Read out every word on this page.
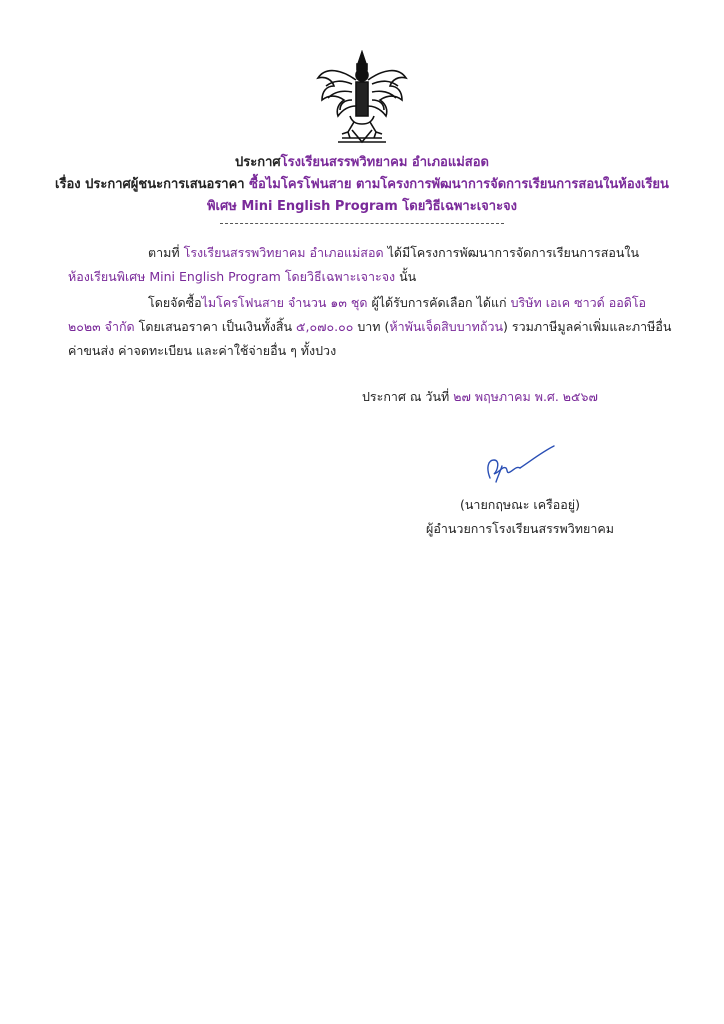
ประกาศโรงเรียนสรรพวิทยาคม อำเภอแม่สอด
เรื่อง ประกาศผู้ชนะการเสนอราคา ซื้อไมโครโฟนสาย ตามโครงการพัฒนาการจัดการเรียนการสอนในห้องเรียน
พิเศษ Mini English Program โดยวิธีเฉพาะเจาะจง
ตามที่ โรงเรียนสรรพวิทยาคม อำเภอแม่สอด ได้มีโครงการพัฒนาการจัดการเรียนการสอนใน
ห้องเรียนพิเศษ Mini English Program โดยวิธีเฉพาะเจาะจง นั้น
โดยจัดซื้อไมโครโฟนสาย จำนวน ๑๓ ชุด ผู้ได้รับการคัดเลือก ได้แก่ บริษัท เอเค ซาวด์ ออดิโอ
๒๐๒๓ จำกัด โดยเสนอราคา เป็นเงินทั้งสิ้น ๕,๐๗๐.๐๐ บาท (ห้าพันเจ็ดสิบบาทถ้วน) รวมภาษีมูลค่าเพิ่มและภาษีอื่น
ค่าขนส่ง ค่าจดทะเบียน และค่าใช้จ่ายอื่น ๆ ทั้งปวง
ประกาศ ณ วันที่ ๒๗ พฤษภาคม พ.ศ. ๒๕๖๗
(นายกฤษณะ เครืออยู่)
ผู้อำนวยการโรงเรียนสรรพวิทยาคม
